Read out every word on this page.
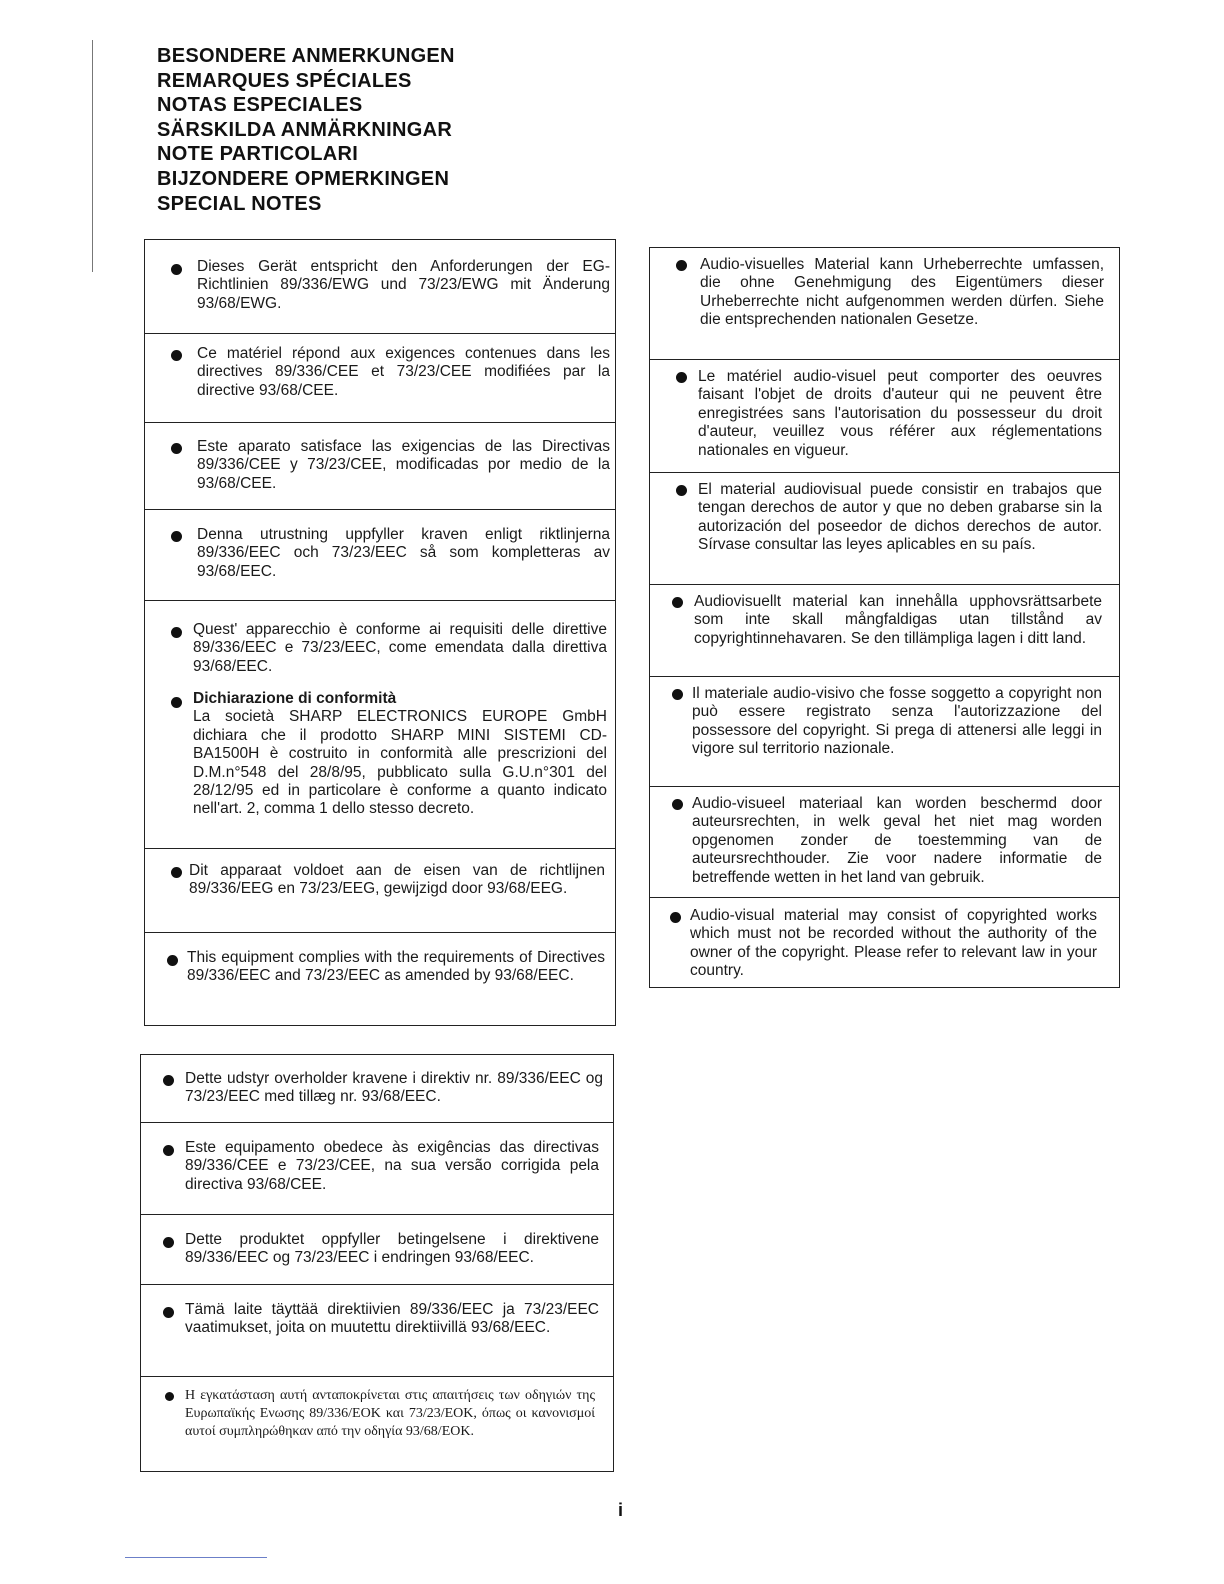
BESONDERE ANMERKUNGEN
REMARQUES SPÉCIALES
NOTAS ESPECIALES
SÄRSKILDA ANMÄRKNINGAR
NOTE PARTICOLARI
BIJZONDERE OPMERKINGEN
SPECIAL NOTES
Dieses Gerät entspricht den Anforderungen der EG-Richtlinien 89/336/EWG und 73/23/EWG mit Änderung 93/68/EWG.
Ce matériel répond aux exigences contenues dans les directives 89/336/CEE et 73/23/CEE modifiées par la directive 93/68/CEE.
Este aparato satisface las exigencias de las Directivas 89/336/CEE y 73/23/CEE, modificadas por medio de la 93/68/CEE.
Denna utrustning uppfyller kraven enligt riktlinjerna 89/336/EEC och 73/23/EEC så som kompletteras av 93/68/EEC.
Quest' apparecchio è conforme ai requisiti delle direttive 89/336/EEC e 73/23/EEC, come emendata dalla direttiva 93/68/EEC.
Dichiarazione di conformità
La società SHARP ELECTRONICS EUROPE GmbH dichiara che il prodotto SHARP MINI SISTEMI CD-BA1500H è costruito in conformità alle prescrizioni del D.M.n°548 del 28/8/95, pubblicato sulla G.U.n°301 del 28/12/95 ed in particolare è conforme a quanto indicato nell'art. 2, comma 1 dello stesso decreto.
Dit apparaat voldoet aan de eisen van de richtlijnen 89/336/EEG en 73/23/EEG, gewijzigd door 93/68/EEG.
This equipment complies with the requirements of Directives 89/336/EEC and 73/23/EEC as amended by 93/68/EEC.
Audio-visuelles Material kann Urheberrechte umfassen, die ohne Genehmigung des Eigentümers dieser Urheberrechte nicht aufgenommen werden dürfen. Siehe die entsprechenden nationalen Gesetze.
Le matériel audio-visuel peut comporter des oeuvres faisant l'objet de droits d'auteur qui ne peuvent être enregistrées sans l'autorisation du possesseur du droit d'auteur, veuillez vous référer aux réglementations nationales en vigueur.
El material audiovisual puede consistir en trabajos que tengan derechos de autor y que no deben grabarse sin la autorización del poseedor de dichos derechos de autor. Sírvase consultar las leyes aplicables en su país.
Audiovisuellt material kan innehålla upphovsrättsarbete som inte skall mångfaldigas utan tillstånd av copyrightinnehavaren. Se den tillämpliga lagen i ditt land.
Il materiale audio-visivo che fosse soggetto a copyright non può essere registrato senza l'autorizzazione del possessore del copyright. Si prega di attenersi alle leggi in vigore sul territorio nazionale.
Audio-visueel materiaal kan worden beschermd door auteursrechten, in welk geval het niet mag worden opgenomen zonder de toestemming van de auteursrechthouder. Zie voor nadere informatie de betreffende wetten in het land van gebruik.
Audio-visual material may consist of copyrighted works which must not be recorded without the authority of the owner of the copyright. Please refer to relevant law in your country.
Dette udstyr overholder kravene i direktiv nr. 89/336/EEC og 73/23/EEC med tillæg nr. 93/68/EEC.
Este equipamento obedece às exigências das directivas 89/336/CEE e 73/23/CEE, na sua versão corrigida pela directiva 93/68/CEE.
Dette produktet oppfyller betingelsene i direktivene 89/336/EEC og 73/23/EEC i endringen 93/68/EEC.
Tämä laite täyttää direktiivien 89/336/EEC ja 73/23/EEC vaatimukset, joita on muutettu direktiivillä 93/68/EEC.
Η εγκατάσταση αυτή ανταποκρίνεται στις απαιτήσεις των οδηγιών της Ευρωπαϊκής Ενωσης 89/336/ΕΟΚ και 73/23/ΕΟΚ, όπως οι κανονισμοί αυτοί συμπληρώθηκαν από την οδηγία 93/68/ΕΟΚ.
i
